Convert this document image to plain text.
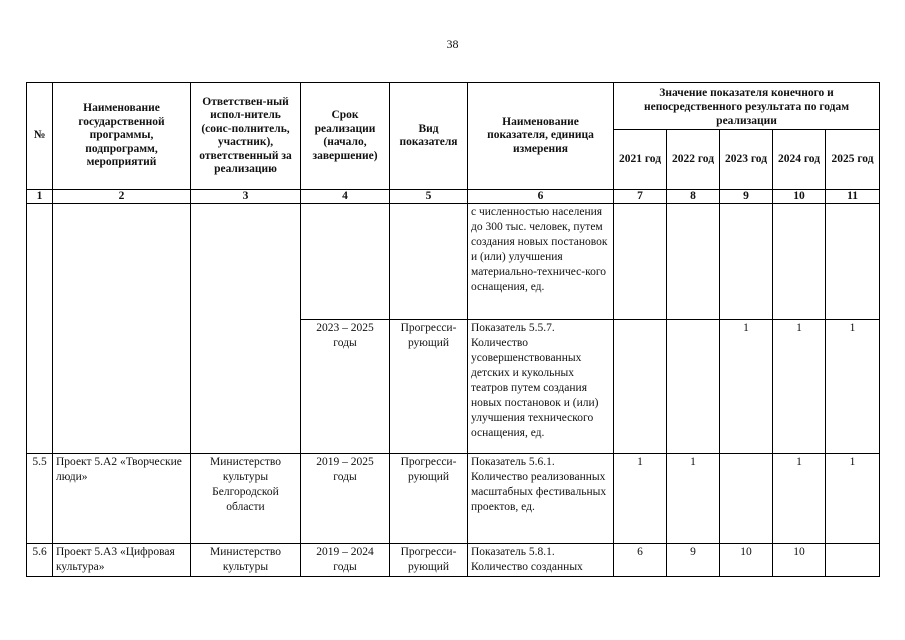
38
№	Наименование государственной программы, подпрограмм, мероприятий	Ответствен-ный испол-нитель (соис-полнитель, участник), ответственный за реализацию	Срок реализации (начало, завершение)	Вид показателя	Наименование показателя, единица измерения	Значение показателя конечного и непосредственного результата по годам реализации				
						2021 год	2022 год	2023 год	2024 год	2025 год
1	2	3	4	5	6	7	8	9	10	11
					с численностью населения до 300 тыс. человек, путем создания новых постановок и (или) улучшения материально-техничес-кого оснащения, ед.					
			2023 – 2025 годы	Прогресси-рующий	Показатель 5.5.7. Количество усовершенствованных детских и кукольных театров путем создания новых постановок и (или) улучшения технического оснащения, ед.			1	1	1
5.5	Проект 5.А2 «Творческие люди»	Министерство культуры Белгородской области	2019 – 2025 годы	Прогресси-рующий	Показатель 5.6.1. Количество реализованных масштабных фестивальных проектов, ед.	1	1		1	1
5.6	Проект 5.А3 «Цифровая культура»	Министерство культуры	2019 – 2024 годы	Прогресси-рующий	Показатель 5.8.1. Количество созданных	6	9	10	10	
